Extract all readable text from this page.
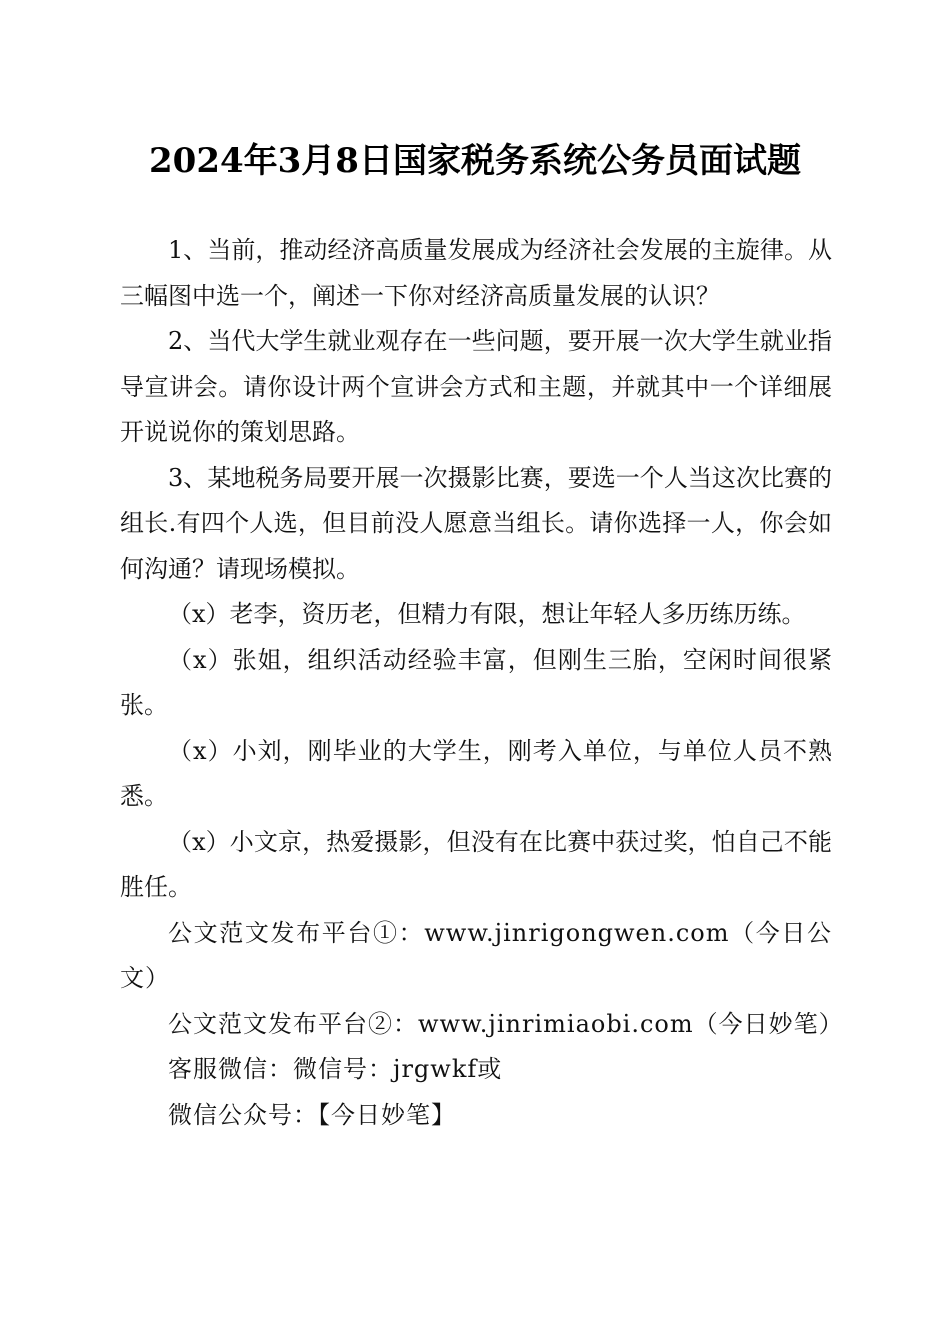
2024年3月8日国家税务系统公务员面试题

1、当前，推动经济高质量发展成为经济社会发展的主旋律。从三幅图中选一个，阐述一下你对经济高质量发展的认识？

2、当代大学生就业观存在一些问题，要开展一次大学生就业指导宣讲会。请你设计两个宣讲会方式和主题，并就其中一个详细展开说说你的策划思路。

3、某地税务局要开展一次摄影比赛，要选一个人当这次比赛的组长.有四个人选，但目前没人愿意当组长。请你选择一人，你会如何沟通？请现场模拟。

（x）老李，资历老，但精力有限，想让年轻人多历练历练。

（x）张姐，组织活动经验丰富，但刚生三胎，空闲时间很紧张。

（x）小刘，刚毕业的大学生，刚考入单位，与单位人员不熟悉。

（x）小文京，热爱摄影，但没有在比赛中获过奖，怕自己不能胜任。

公文范文发布平台①：www.jinrigongwen.com（今日公文）

公文范文发布平台②：www.jinrimiaobi.com（今日妙笔）

客服微信：微信号：jrgwkf或

微信公众号：【今日妙笔】
